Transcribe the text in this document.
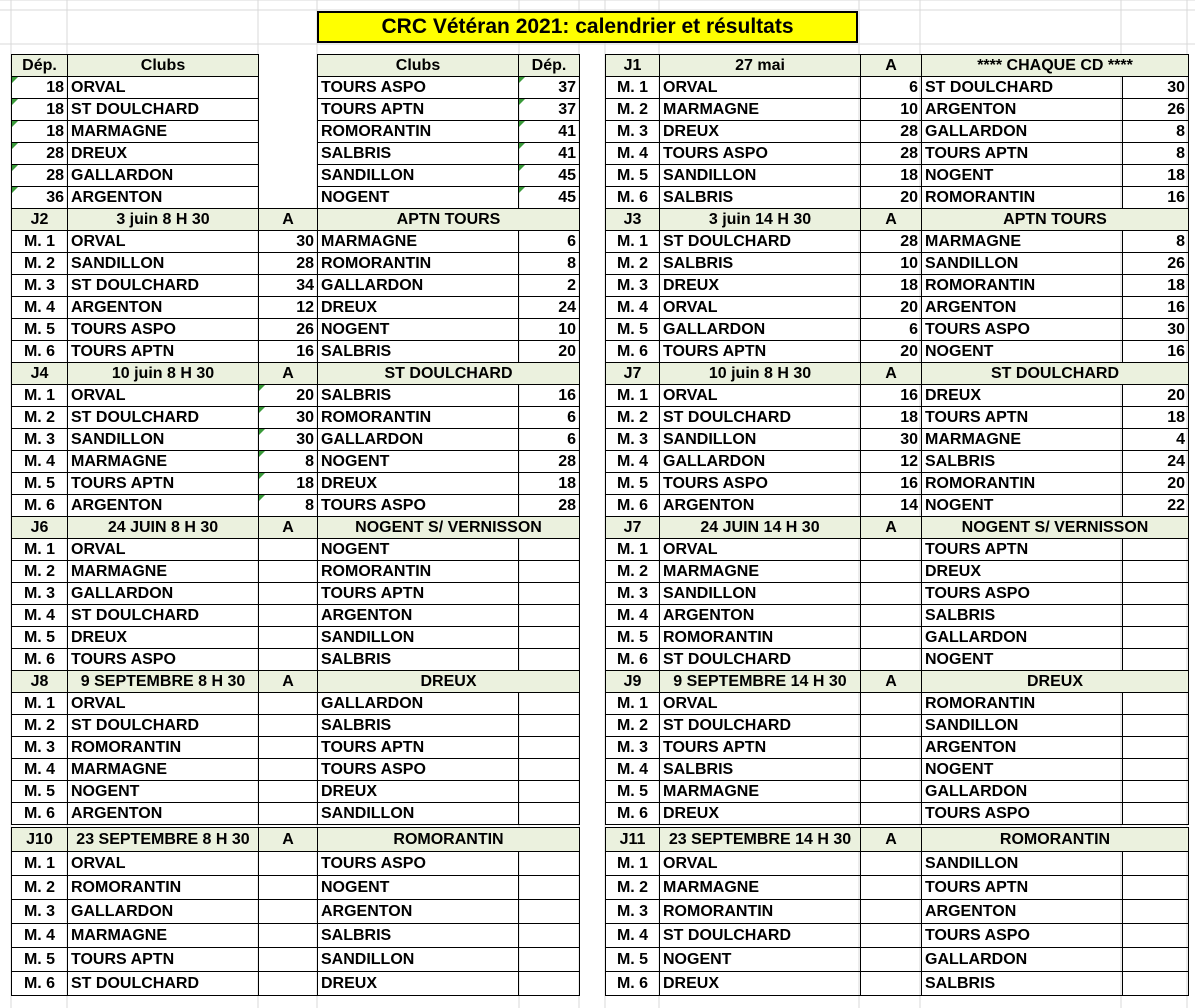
CRC Vétéran 2021: calendrier et résultats
Dép.	Clubs
18	ORVAL
18	ST DOULCHARD
18	MARMAGNE
28	DREUX
28	GALLARDON
36	ARGENTON
Clubs	Dép.
TOURS ASPO	37
TOURS APTN	37
ROMORANTIN	41
SALBRIS	41
SANDILLON	45
NOGENT	45
J1	27 mai	A	**** CHAQUE CD ****	
M. 1	ORVAL	6	ST DOULCHARD	30
M. 2	MARMAGNE	10	ARGENTON	26
M. 3	DREUX	28	GALLARDON	8
M. 4	TOURS ASPO	28	TOURS APTN	8
M. 5	SANDILLON	18	NOGENT	18
M. 6	SALBRIS	20	ROMORANTIN	16
J2	3 juin 8 H 30	A	APTN TOURS	
M. 1	ORVAL	30	MARMAGNE	6
M. 2	SANDILLON	28	ROMORANTIN	8
M. 3	ST DOULCHARD	34	GALLARDON	2
M. 4	ARGENTON	12	DREUX	24
M. 5	TOURS ASPO	26	NOGENT	10
M. 6	TOURS APTN	16	SALBRIS	20
J3	3 juin 14 H 30	A	APTN TOURS	
M. 1	ST DOULCHARD	28	MARMAGNE	8
M. 2	SALBRIS	10	SANDILLON	26
M. 3	DREUX	18	ROMORANTIN	18
M. 4	ORVAL	20	ARGENTON	16
M. 5	GALLARDON	6	TOURS ASPO	30
M. 6	TOURS APTN	20	NOGENT	16
J4	10 juin 8 H 30	A	ST DOULCHARD	
M. 1	ORVAL	20	SALBRIS	16
M. 2	ST DOULCHARD	30	ROMORANTIN	6
M. 3	SANDILLON	30	GALLARDON	6
M. 4	MARMAGNE	8	NOGENT	28
M. 5	TOURS APTN	18	DREUX	18
M. 6	ARGENTON	8	TOURS ASPO	28
J7	10 juin 8 H 30	A	ST DOULCHARD	
M. 1	ORVAL	16	DREUX	20
M. 2	ST DOULCHARD	18	TOURS APTN	18
M. 3	SANDILLON	30	MARMAGNE	4
M. 4	GALLARDON	12	SALBRIS	24
M. 5	TOURS ASPO	16	ROMORANTIN	20
M. 6	ARGENTON	14	NOGENT	22
J6	24 JUIN 8 H 30	A	NOGENT S/ VERNISSON	
M. 1	ORVAL		NOGENT	
M. 2	MARMAGNE		ROMORANTIN	
M. 3	GALLARDON		TOURS APTN	
M. 4	ST DOULCHARD		ARGENTON	
M. 5	DREUX		SANDILLON	
M. 6	TOURS ASPO		SALBRIS	
J7	24 JUIN 14 H 30	A	NOGENT S/ VERNISSON	
M. 1	ORVAL		TOURS APTN	
M. 2	MARMAGNE		DREUX	
M. 3	SANDILLON		TOURS ASPO	
M. 4	ARGENTON		SALBRIS	
M. 5	ROMORANTIN		GALLARDON	
M. 6	ST DOULCHARD		NOGENT	
J8	9 SEPTEMBRE 8 H 30	A	DREUX	
M. 1	ORVAL		GALLARDON	
M. 2	ST DOULCHARD		SALBRIS	
M. 3	ROMORANTIN		TOURS APTN	
M. 4	MARMAGNE		TOURS ASPO	
M. 5	NOGENT		DREUX	
M. 6	ARGENTON		SANDILLON	
J9	9 SEPTEMBRE 14 H 30	A	DREUX	
M. 1	ORVAL		ROMORANTIN	
M. 2	ST DOULCHARD		SANDILLON	
M. 3	TOURS APTN		ARGENTON	
M. 4	SALBRIS		NOGENT	
M. 5	MARMAGNE		GALLARDON	
M. 6	DREUX		TOURS ASPO	
J10	23 SEPTEMBRE 8 H 30	A	ROMORANTIN	
M. 1	ORVAL		TOURS ASPO	
M. 2	ROMORANTIN		NOGENT	
M. 3	GALLARDON		ARGENTON	
M. 4	MARMAGNE		SALBRIS	
M. 5	TOURS APTN		SANDILLON	
M. 6	ST DOULCHARD		DREUX	
J11	23 SEPTEMBRE 14 H 30	A	ROMORANTIN	
M. 1	ORVAL		SANDILLON	
M. 2	MARMAGNE		TOURS APTN	
M. 3	ROMORANTIN		ARGENTON	
M. 4	ST DOULCHARD		TOURS ASPO	
M. 5	NOGENT		GALLARDON	
M. 6	DREUX		SALBRIS	
